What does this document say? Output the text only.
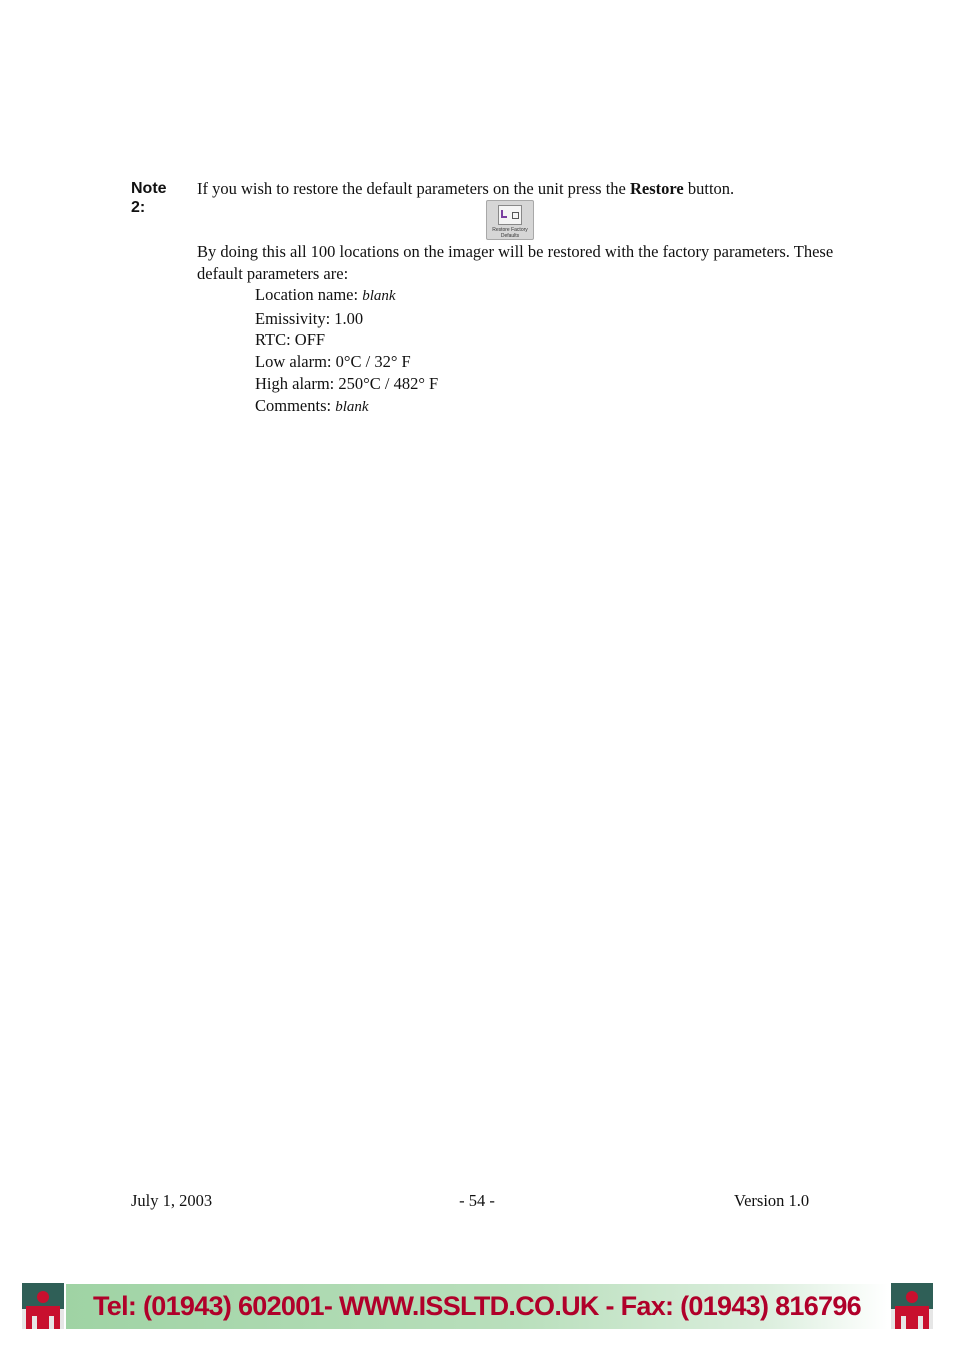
Note 2:
If you wish to restore the default parameters on the unit press the Restore button.
Restore Factory Defaults
By doing this all 100 locations on the imager will be restored with the factory parameters. These default parameters are:
Location name: blank
Emissivity: 1.00
RTC: OFF
Low alarm: 0°C / 32° F
High alarm: 250°C / 482° F
Comments: blank
July 1, 2003	- 54 -	Version 1.0
Tel: (01943) 602001- WWW.ISSLTD.CO.UK - Fax: (01943) 816796
